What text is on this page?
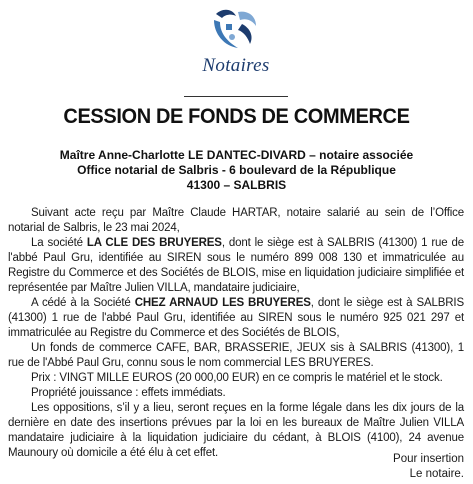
Notaires
CESSION DE FONDS DE COMMERCE
Maître Anne-Charlotte LE DANTEC-DIVARD – notaire associée
Office notarial de Salbris - 6 boulevard de la République
41300 – SALBRIS

Suivant acte reçu par Maître Claude HARTAR, notaire salarié au sein de l’Office notarial de Salbris, le 23 mai 2024,

La société LA CLE DES BRUYERES, dont le siège est à SALBRIS (41300) 1 rue de l'abbé Paul Gru, identifiée au SIREN sous le numéro 899 008 130 et immatriculée au Registre du Commerce et des Sociétés de BLOIS, mise en liquidation judiciaire simplifiée et représentée par Maître Julien VILLA, mandataire judiciaire,

A cédé à la Société CHEZ ARNAUD LES BRUYERES, dont le siège est à SALBRIS (41300) 1 rue de l'abbé Paul Gru, identifiée au SIREN sous le numéro 925 021 297 et immatriculée au Registre du Commerce et des Sociétés de BLOIS,

Un fonds de commerce CAFE, BAR, BRASSERIE, JEUX sis à SALBRIS (41300), 1 rue de l'Abbé Paul Gru, connu sous le nom commercial LES BRUYERES.

Prix : VINGT MILLE EUROS (20 000,00 EUR) en ce compris le matériel et le stock.

Propriété jouissance : effets immédiats.

Les oppositions, s’il y a lieu, seront reçues en la forme légale dans les dix jours de la dernière en date des insertions prévues par la loi en les bureaux de Maître Julien VILLA mandataire judiciaire à la liquidation judiciaire du cédant, à BLOIS (4100), 24 avenue Maunoury où domicile a été élu à cet effet.	Pour insertion
Le notaire.
